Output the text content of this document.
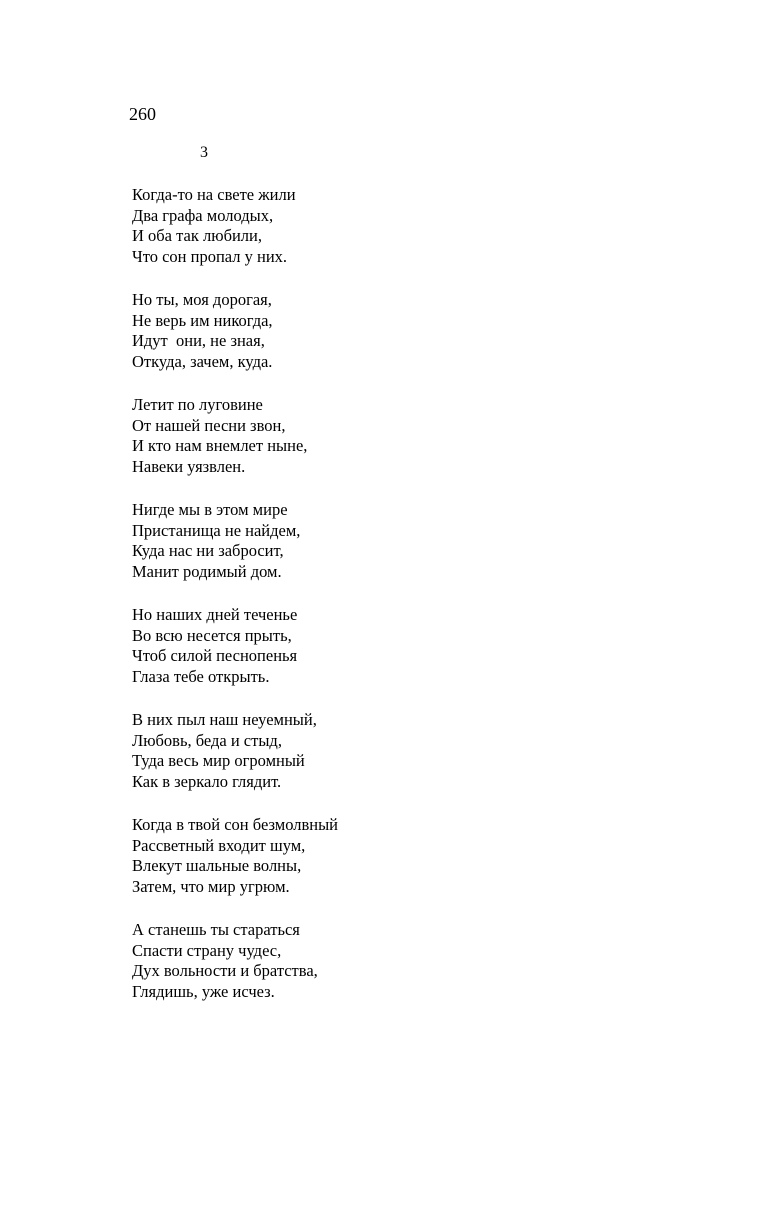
260
3
Когда-то на свете жили
Два графа молодых,
И оба так любили,
Что сон пропал у них.
Но ты, моя дорогая,
Не верь им никогда,
Идут  они, не зная,
Откуда, зачем, куда.
Летит по луговине
От нашей песни звон,
И кто нам внемлет ныне,
Навеки уязвлен.
Нигде мы в этом мире
Пристанища не найдем,
Куда нас ни забросит,
Манит родимый дом.
Но наших дней теченье
Во всю несется прыть,
Чтоб силой песнопенья
Глаза тебе открыть.
В них пыл наш неуемный,
Любовь, беда и стыд,
Туда весь мир огромный
Как в зеркало глядит.
Когда в твой сон безмолвный
Рассветный входит шум,
Влекут шальные волны,
Затем, что мир угрюм.
А станешь ты стараться
Спасти страну чудес,
Дух вольности и братства,
Глядишь, уже исчез.
